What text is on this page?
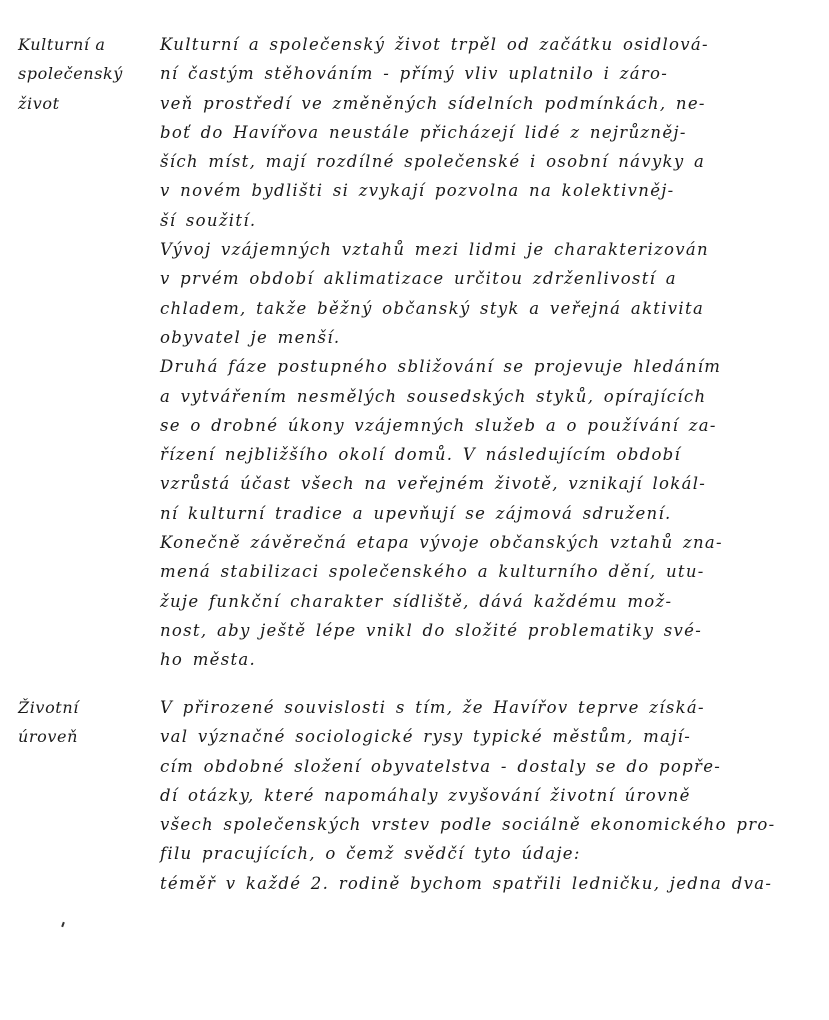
Kulturní a
společenský
život
Kulturní a společenský život trpěl od začátku osidlová-
ní častým stěhováním - přímý vliv uplatnilo i záro-
veň prostředí ve změněných sídelních podmínkách, ne-
boť do Havířova neustále přicházejí lidé z nejrůzněj-
ších míst, mají rozdílné společenské i osobní návyky a
v novém bydlišti si zvykají pozvolna na kolektivněj-
ší soužití.
Vývoj vzájemných vztahů mezi lidmi je charakterizován
v prvém období aklimatizace určitou zdrženlivostí a
chladem, takže běžný občanský styk a veřejná aktivita
obyvatel je menší.
Druhá fáze postupného sbližování se projevuje hledáním
a vytvářením nesmělých sousedských styků, opírajících
se o drobné úkony vzájemných služeb a o používání za-
řízení nejbližšího okolí domů. V následujícím období
vzrůstá účast všech na veřejném životě, vznikají lokál-
ní kulturní tradice a upevňují se zájmová sdružení.
Konečně závěrečná etapa vývoje občanských vztahů zna-
mená stabilizaci společenského a kulturního dění, utu-
žuje funkční charakter sídliště, dává každému mož-
nost, aby ještě lépe vnikl do složité problematiky své-
ho města.
Životní
úroveň
V přirozené souvislosti s tím, že Havířov teprve získá-
val význačné sociologické rysy typické městům, mají-
cím obdobné složení obyvatelstva - dostaly se do popře-
dí otázky, které napomáhaly zvyšování životní úrovně
všech společenských vrstev podle sociálně ekonomického pro-
filu pracujících, o čemž svědčí tyto údaje:
téměř v každé 2. rodině bychom spatřili ledničku, jedna dva-
